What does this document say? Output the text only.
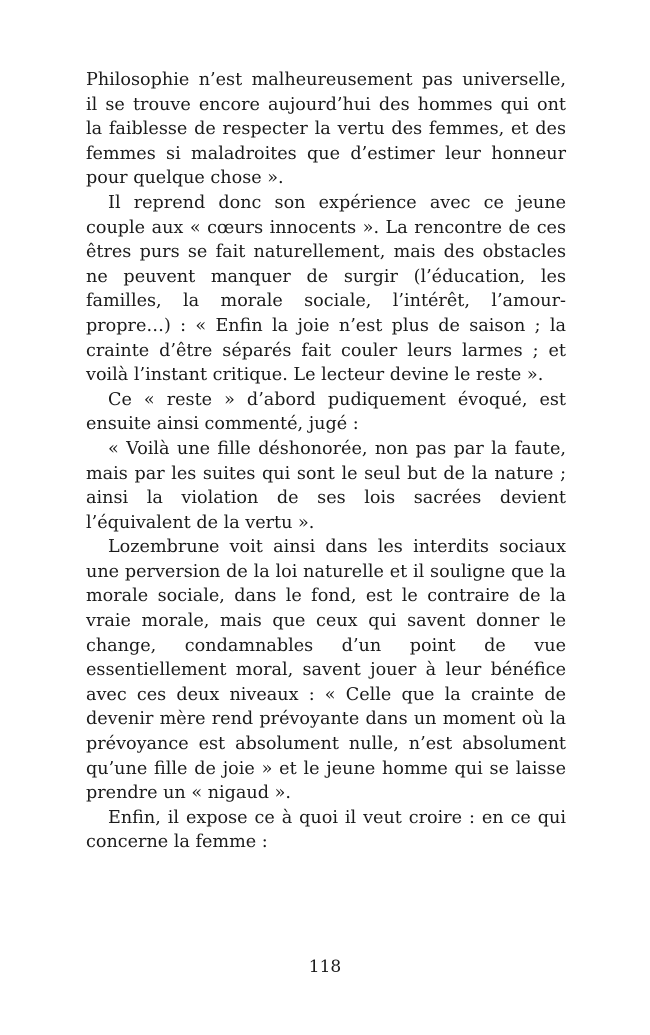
Philosophie n’est malheureusement pas universelle, il se trouve encore aujourd’hui des hommes qui ont la faiblesse de respecter la vertu des femmes, et des femmes si maladroites que d’estimer leur honneur pour quelque chose ».

Il reprend donc son expérience avec ce jeune couple aux « cœurs innocents ». La rencontre de ces êtres purs se fait naturellement, mais des obstacles ne peuvent manquer de surgir (l’éducation, les familles, la morale sociale, l’intérêt, l’amour-propre…) : « Enfin la joie n’est plus de saison ; la crainte d’être séparés fait couler leurs larmes ; et voilà l’instant critique. Le lecteur devine le reste ».

Ce « reste » d’abord pudiquement évoqué, est ensuite ainsi commenté, jugé :

« Voilà une fille déshonorée, non pas par la faute, mais par les suites qui sont le seul but de la nature ; ainsi la violation de ses lois sacrées devient l’équivalent de la vertu ».

Lozembrune voit ainsi dans les interdits sociaux une perversion de la loi naturelle et il souligne que la morale sociale, dans le fond, est le contraire de la vraie morale, mais que ceux qui savent donner le change, condamnables d’un point de vue essentiellement moral, savent jouer à leur bénéfice avec ces deux niveaux : « Celle que la crainte de devenir mère rend prévoyante dans un moment où la prévoyance est absolument nulle, n’est absolument qu’une fille de joie » et le jeune homme qui se laisse prendre un « nigaud ».

Enfin, il expose ce à quoi il veut croire : en ce qui concerne la femme :

118
